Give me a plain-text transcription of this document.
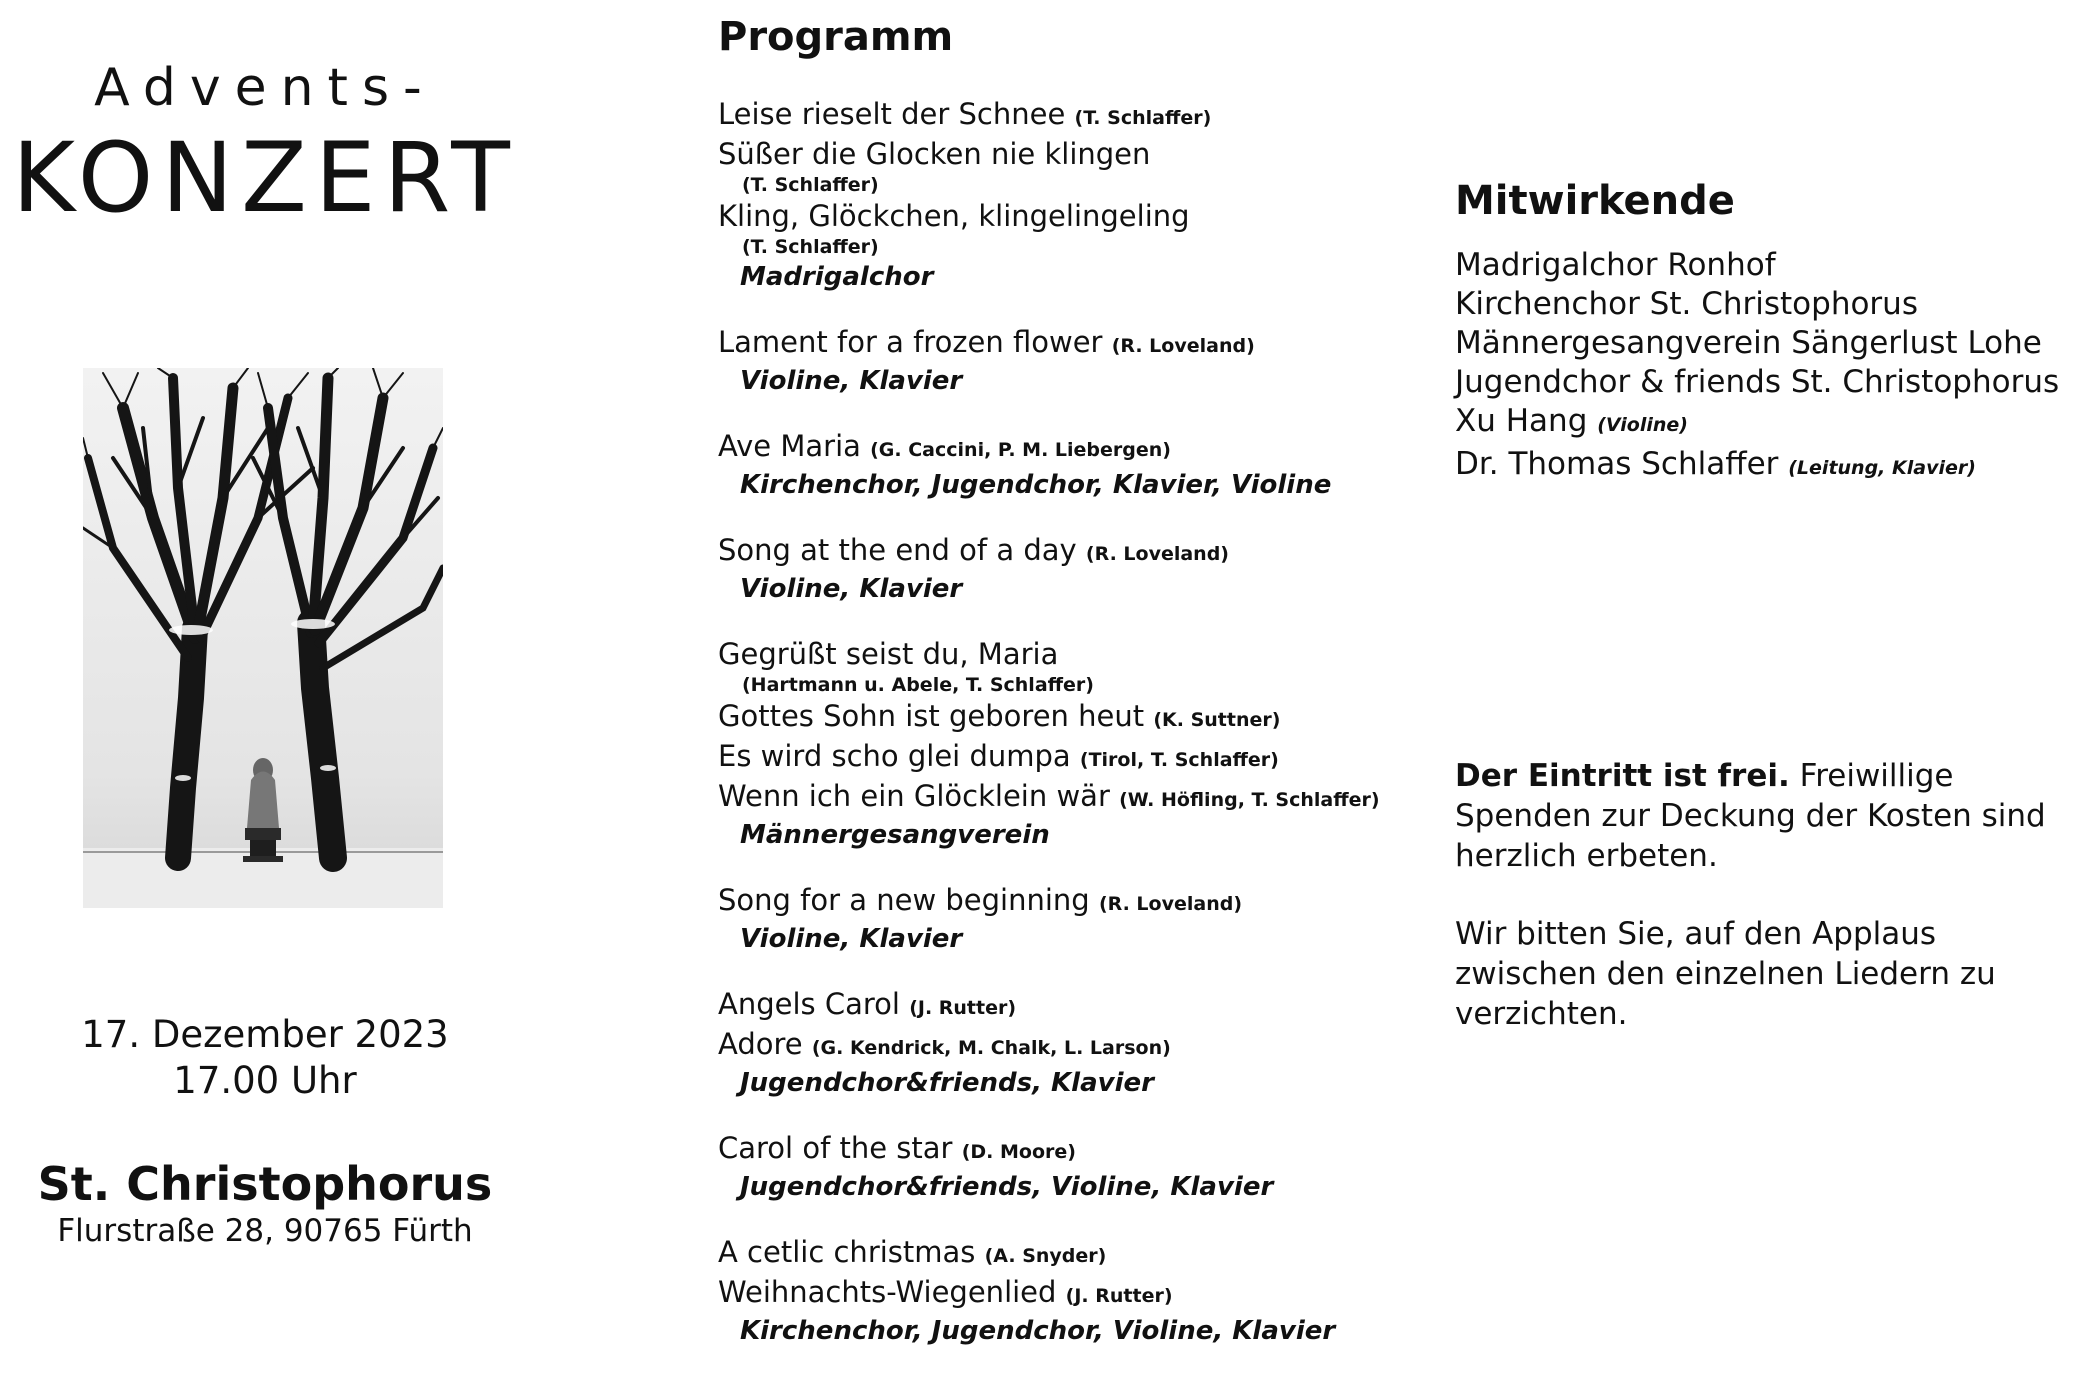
Advents-
KONZERT
17. Dezember 2023
17.00 Uhr
St. Christophorus
Flurstraße 28, 90765 Fürth
Programm
Leise rieselt der Schnee (T. Schlaffer)
Süßer die Glocken nie klingen
(T. Schlaffer)
Kling, Glöckchen, klingelingeling
(T. Schlaffer)
Madrigalchor
Lament for a frozen flower (R. Loveland)
Violine, Klavier
Ave Maria (G. Caccini, P. M. Liebergen)
Kirchenchor, Jugendchor, Klavier, Violine
Song at the end of a day (R. Loveland)
Violine, Klavier
Gegrüßt seist du, Maria
(Hartmann u. Abele, T. Schlaffer)
Gottes Sohn ist geboren heut (K. Suttner)
Es wird scho glei dumpa (Tirol, T. Schlaffer)
Wenn ich ein Glöcklein wär (W. Höfling, T. Schlaffer)
Männergesangverein
Song for a new beginning (R. Loveland)
Violine, Klavier
Angels Carol (J. Rutter)
Adore (G. Kendrick, M. Chalk, L. Larson)
Jugendchor&friends, Klavier
Carol of the star (D. Moore)
Jugendchor&friends, Violine, Klavier
A cetlic christmas (A. Snyder)
Weihnachts-Wiegenlied (J. Rutter)
Kirchenchor, Jugendchor, Violine, Klavier
Mitwirkende
Madrigalchor Ronhof
Kirchenchor St. Christophorus
Männergesangverein Sängerlust Lohe
Jugendchor & friends St. Christophorus
Xu Hang (Violine)
Dr. Thomas Schlaffer (Leitung, Klavier)
Der Eintritt ist frei. Freiwillige Spenden zur Deckung der Kosten sind herzlich erbeten.
Wir bitten Sie, auf den Applaus zwischen den einzelnen Liedern zu verzichten.
